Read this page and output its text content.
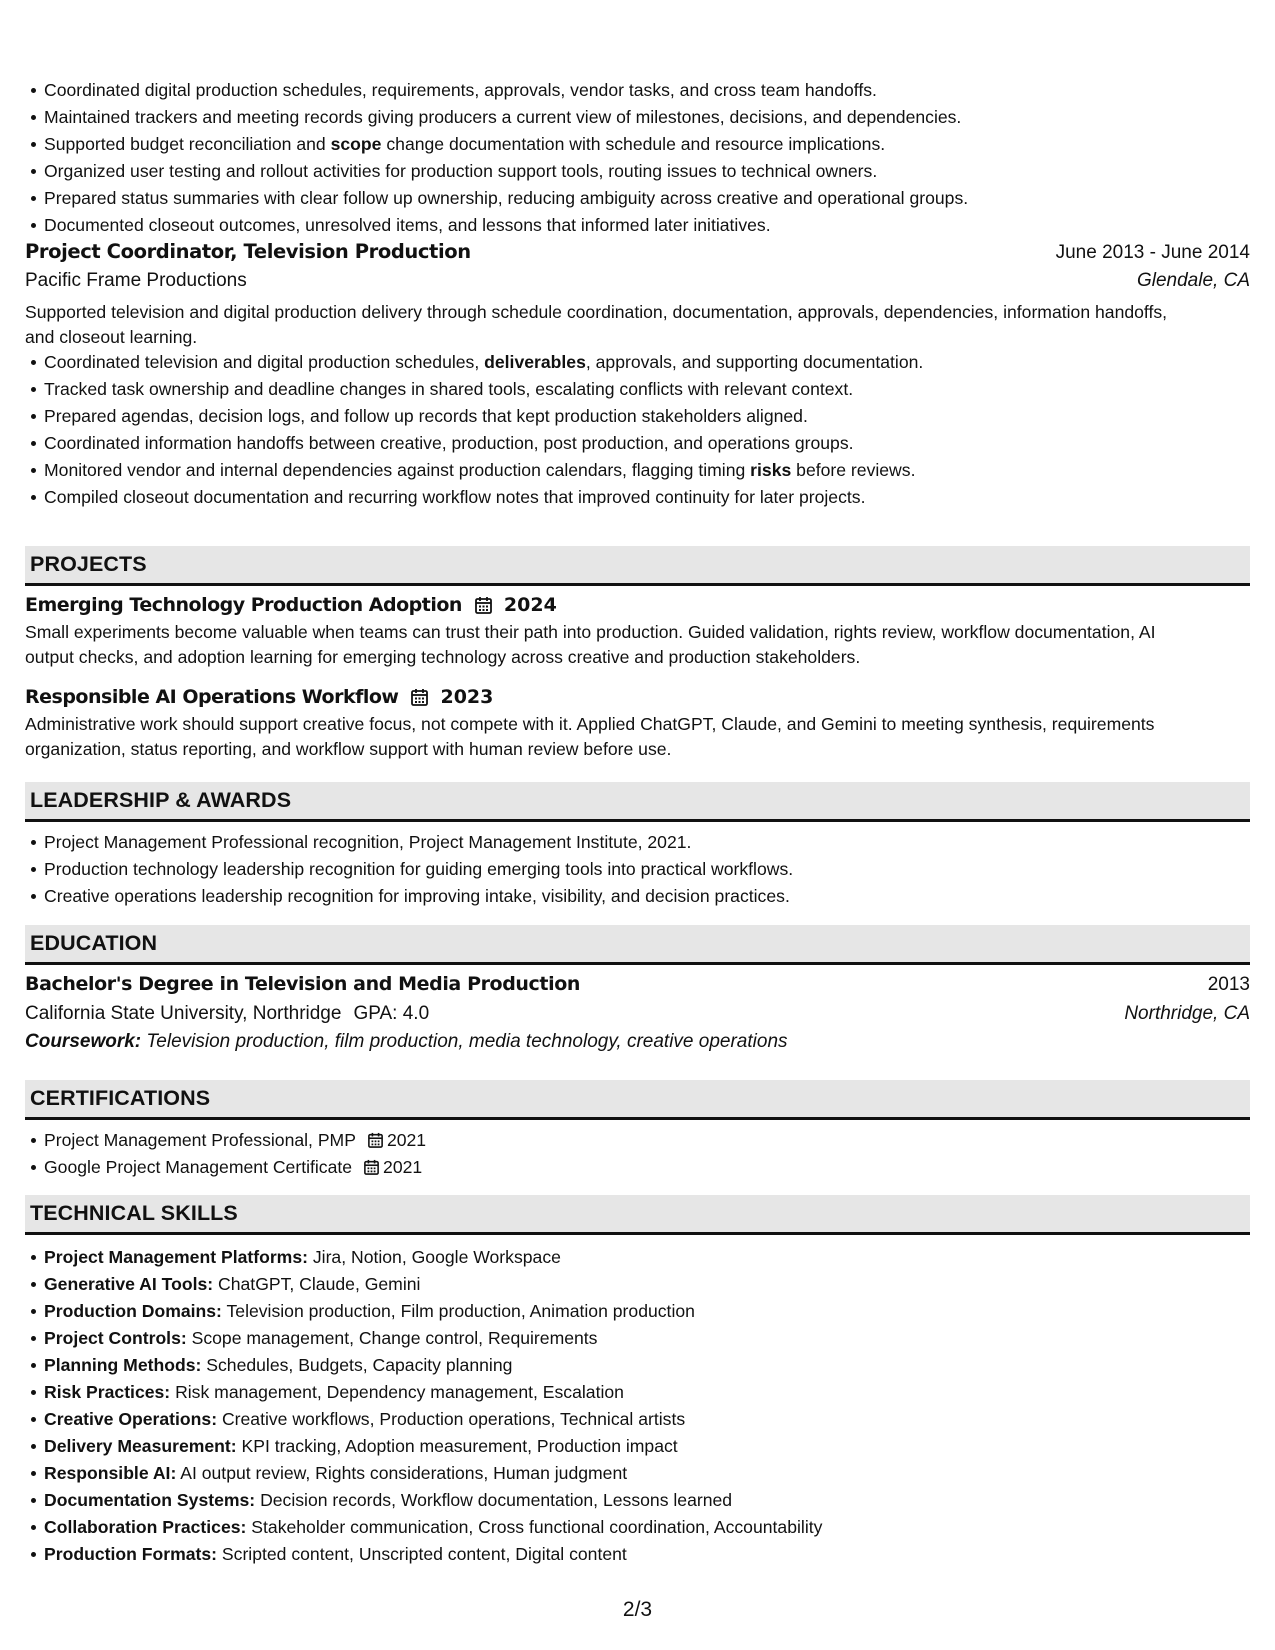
Coordinated digital production schedules, requirements, approvals, vendor tasks, and cross team handoffs.
Maintained trackers and meeting records giving producers a current view of milestones, decisions, and dependencies.
Supported budget reconciliation and scope change documentation with schedule and resource implications.
Organized user testing and rollout activities for production support tools, routing issues to technical owners.
Prepared status summaries with clear follow up ownership, reducing ambiguity across creative and operational groups.
Documented closeout outcomes, unresolved items, and lessons that informed later initiatives.
Project Coordinator, Television Production	June 2013 - June 2014
Pacific Frame Productions	Glendale, CA
Supported television and digital production delivery through schedule coordination, documentation, approvals, dependencies, information handoffs, and closeout learning.
Coordinated television and digital production schedules, deliverables, approvals, and supporting documentation.
Tracked task ownership and deadline changes in shared tools, escalating conflicts with relevant context.
Prepared agendas, decision logs, and follow up records that kept production stakeholders aligned.
Coordinated information handoffs between creative, production, post production, and operations groups.
Monitored vendor and internal dependencies against production calendars, flagging timing risks before reviews.
Compiled closeout documentation and recurring workflow notes that improved continuity for later projects.
PROJECTS
Emerging Technology Production Adoption 2024
Small experiments become valuable when teams can trust their path into production. Guided validation, rights review, workflow documentation, AI
output checks, and adoption learning for emerging technology across creative and production stakeholders.
Responsible AI Operations Workflow 2023
Administrative work should support creative focus, not compete with it. Applied ChatGPT, Claude, and Gemini to meeting synthesis, requirements
organization, status reporting, and workflow support with human review before use.
LEADERSHIP & AWARDS
Project Management Professional recognition, Project Management Institute, 2021.
Production technology leadership recognition for guiding emerging tools into practical workflows.
Creative operations leadership recognition for improving intake, visibility, and decision practices.
EDUCATION
Bachelor's Degree in Television and Media Production	2013
California State University, Northridge GPA: 4.0	Northridge, CA
Coursework: Television production, film production, media technology, creative operations
CERTIFICATIONS
Project Management Professional, PMP 2021
Google Project Management Certificate 2021
TECHNICAL SKILLS
Project Management Platforms: Jira, Notion, Google Workspace
Generative AI Tools: ChatGPT, Claude, Gemini
Production Domains: Television production, Film production, Animation production
Project Controls: Scope management, Change control, Requirements
Planning Methods: Schedules, Budgets, Capacity planning
Risk Practices: Risk management, Dependency management, Escalation
Creative Operations: Creative workflows, Production operations, Technical artists
Delivery Measurement: KPI tracking, Adoption measurement, Production impact
Responsible AI: AI output review, Rights considerations, Human judgment
Documentation Systems: Decision records, Workflow documentation, Lessons learned
Collaboration Practices: Stakeholder communication, Cross functional coordination, Accountability
Production Formats: Scripted content, Unscripted content, Digital content
2/3
